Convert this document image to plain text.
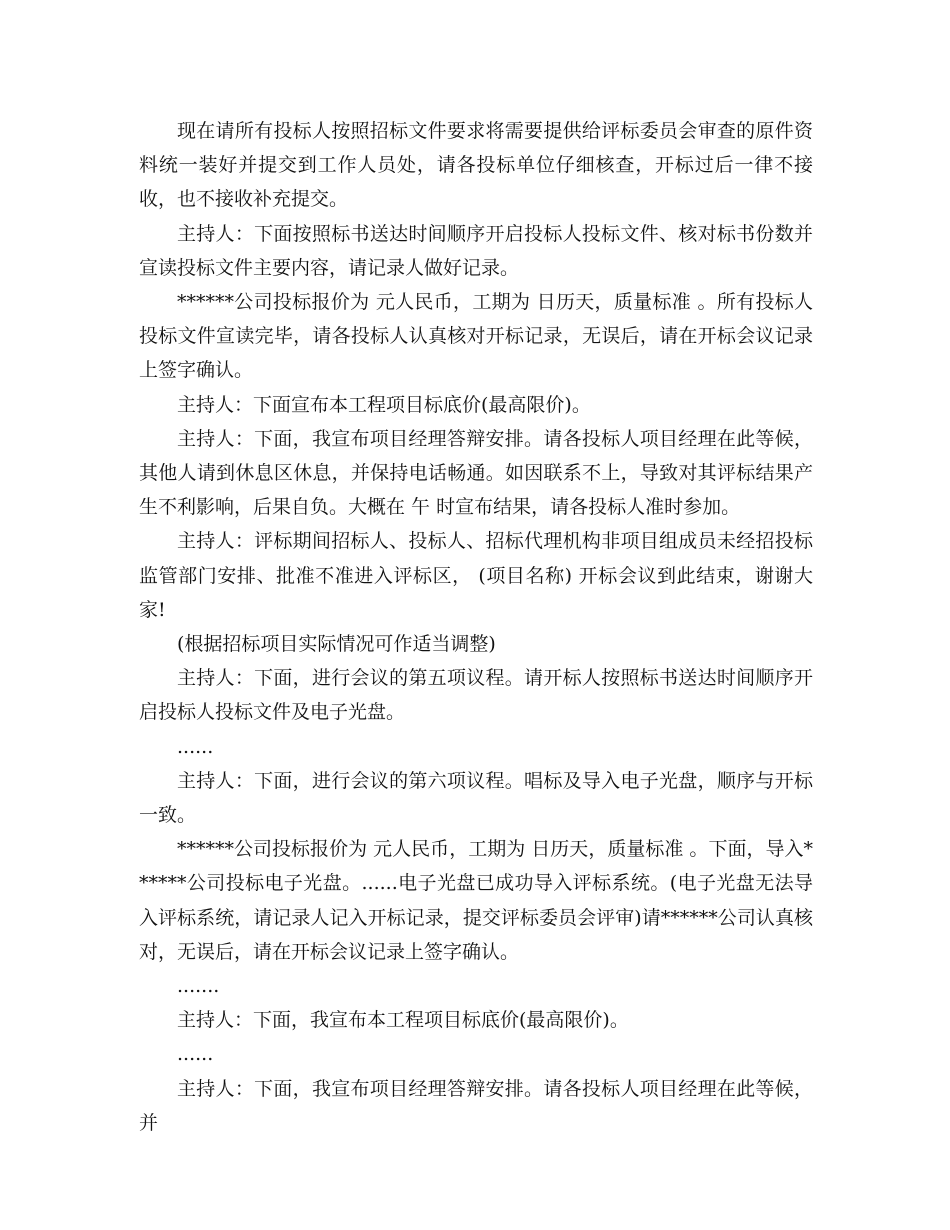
现在请所有投标人按照招标文件要求将需要提供给评标委员会审查的原件资料统一装好并提交到工作人员处，请各投标单位仔细核查，开标过后一律不接收，也不接收补充提交。

主持人：下面按照标书送达时间顺序开启投标人投标文件、核对标书份数并宣读投标文件主要内容，请记录人做好记录。

******公司投标报价为 元人民币，工期为 日历天，质量标准 。所有投标人投标文件宣读完毕，请各投标人认真核对开标记录，无误后，请在开标会议记录上签字确认。

主持人：下面宣布本工程项目标底价(最高限价)。

主持人：下面，我宣布项目经理答辩安排。请各投标人项目经理在此等候，其他人请到休息区休息，并保持电话畅通。如因联系不上，导致对其评标结果产生不利影响，后果自负。大概在 午 时宣布结果，请各投标人准时参加。

主持人：评标期间招标人、投标人、招标代理机构非项目组成员未经招投标监管部门安排、批准不准进入评标区， (项目名称) 开标会议到此结束，谢谢大家!

(根据招标项目实际情况可作适当调整)

主持人：下面，进行会议的第五项议程。请开标人按照标书送达时间顺序开启投标人投标文件及电子光盘。

......

主持人：下面，进行会议的第六项议程。唱标及导入电子光盘，顺序与开标一致。

******公司投标报价为 元人民币，工期为 日历天，质量标准 。下面，导入******公司投标电子光盘。......电子光盘已成功导入评标系统。(电子光盘无法导入评标系统，请记录人记入开标记录，提交评标委员会评审)请******公司认真核对，无误后，请在开标会议记录上签字确认。

.......

主持人：下面，我宣布本工程项目标底价(最高限价)。

......

主持人：下面，我宣布项目经理答辩安排。请各投标人项目经理在此等候，并
